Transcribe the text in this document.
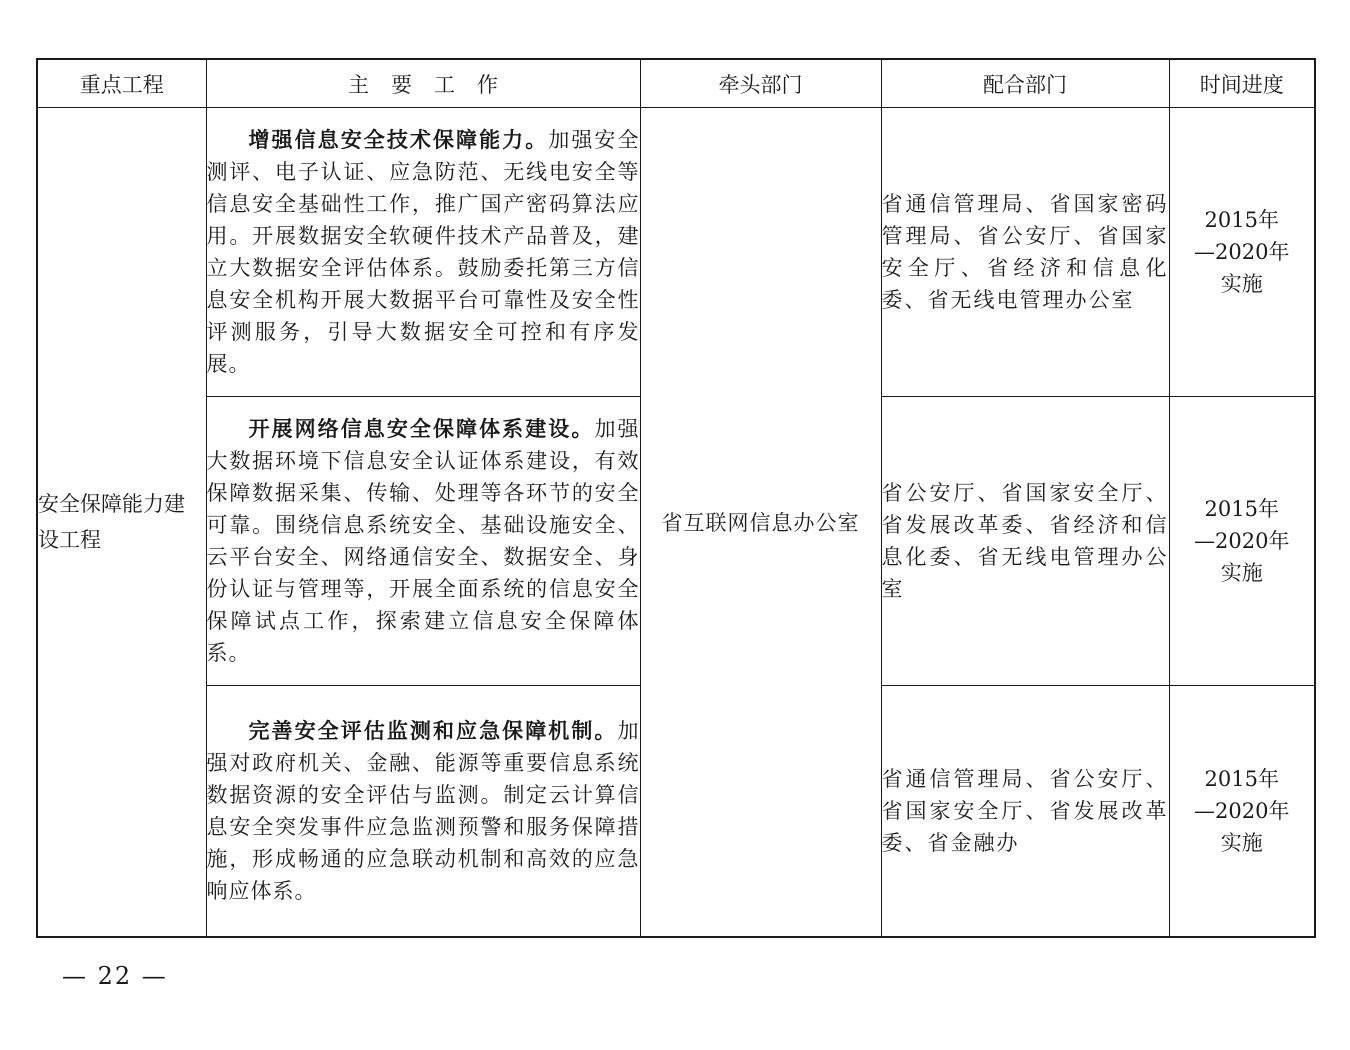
重点工程	主要工作	牵头部门	配合部门	时间进度
安全保障能力建设工程	增强信息安全技术保障能力。加强安全测评、电子认证、应急防范、无线电安全等信息安全基础性工作，推广国产密码算法应用。开展数据安全软硬件技术产品普及，建立大数据安全评估体系。鼓励委托第三方信息安全机构开展大数据平台可靠性及安全性评测服务，引导大数据安全可控和有序发展。	省互联网信息办公室	省通信管理局、省国家密码管理局、省公安厅、省国家安全厅、省经济和信息化委、省无线电管理办公室	2015年
—2020年
实施

	开展网络信息安全保障体系建设。加强大数据环境下信息安全认证体系建设，有效保障数据采集、传输、处理等各环节的安全可靠。围绕信息系统安全、基础设施安全、云平台安全、网络通信安全、数据安全、身份认证与管理等，开展全面系统的信息安全保障试点工作，探索建立信息安全保障体系。		省公安厅、省国家安全厅、省发展改革委、省经济和信息化委、省无线电管理办公室	2015年
—2020年
实施

	完善安全评估监测和应急保障机制。加强对政府机关、金融、能源等重要信息系统数据资源的安全评估与监测。制定云计算信息安全突发事件应急监测预警和服务保障措施，形成畅通的应急联动机制和高效的应急响应体系。		省通信管理局、省公安厅、省国家安全厅、省发展改革委、省金融办	2015年
—2020年
实施
— 22 —
